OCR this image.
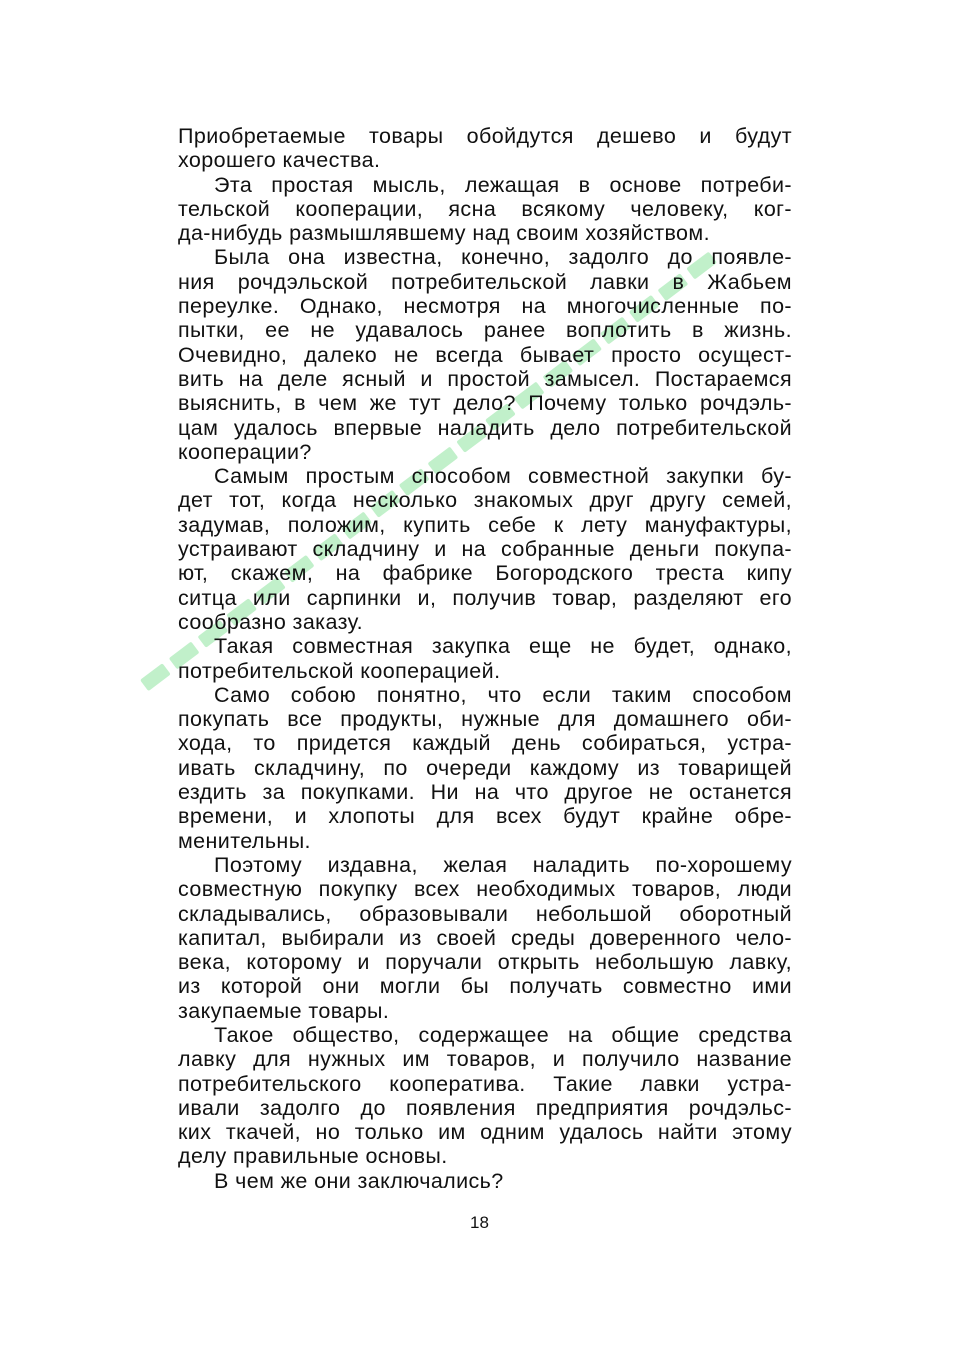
Приобретаемые товары обойдутся дешево и будут
хорошего качества.
Эта простая мысль, лежащая в основе потреби-
тельской кооперации, ясна всякому человеку, ког-
да-нибудь размышлявшему над своим хозяйством.
Была она известна, конечно, задолго до появле-
ния рочдэльской потребительской лавки в Жабьем
переулке. Однако, несмотря на многочисленные по-
пытки, ее не удавалось ранее воплотить в жизнь.
Очевидно, далеко не всегда бывает просто осущест-
вить на деле ясный и простой замысел. Постараемся
выяснить, в чем же тут дело? Почему только рочдэль-
цам удалось впервые наладить дело потребительской
кооперации?
Самым простым способом совместной закупки бу-
дет тот, когда несколько знакомых друг другу семей,
задумав, положим, купить себе к лету мануфактуры,
устраивают складчину и на собранные деньги покупа-
ют, скажем, на фабрике Богородского треста кипу
ситца или сарпинки и, получив товар, разделяют его
сообразно заказу.
Такая совместная закупка еще не будет, однако,
потребительской кооперацией.
Само собою понятно, что если таким способом
покупать все продукты, нужные для домашнего оби-
хода, то придется каждый день собираться, устра-
ивать складчину, по очереди каждому из товарищей
ездить за покупками. Ни на что другое не останется
времени, и хлопоты для всех будут крайне обре-
менительны.
Поэтому издавна, желая наладить по-хорошему
совместную покупку всех необходимых товаров, люди
складывались, образовывали небольшой оборотный
капитал, выбирали из своей среды доверенного чело-
века, которому и поручали открыть небольшую лавку,
из которой они могли бы получать совместно ими
закупаемые товары.
Такое общество, содержащее на общие средства
лавку для нужных им товаров, и получило название
потребительского кооператива. Такие лавки устра-
ивали задолго до появления предприятия рочдэльс-
ких ткачей, но только им одним удалось найти этому
делу правильные основы.
В чем же они заключались?
18
